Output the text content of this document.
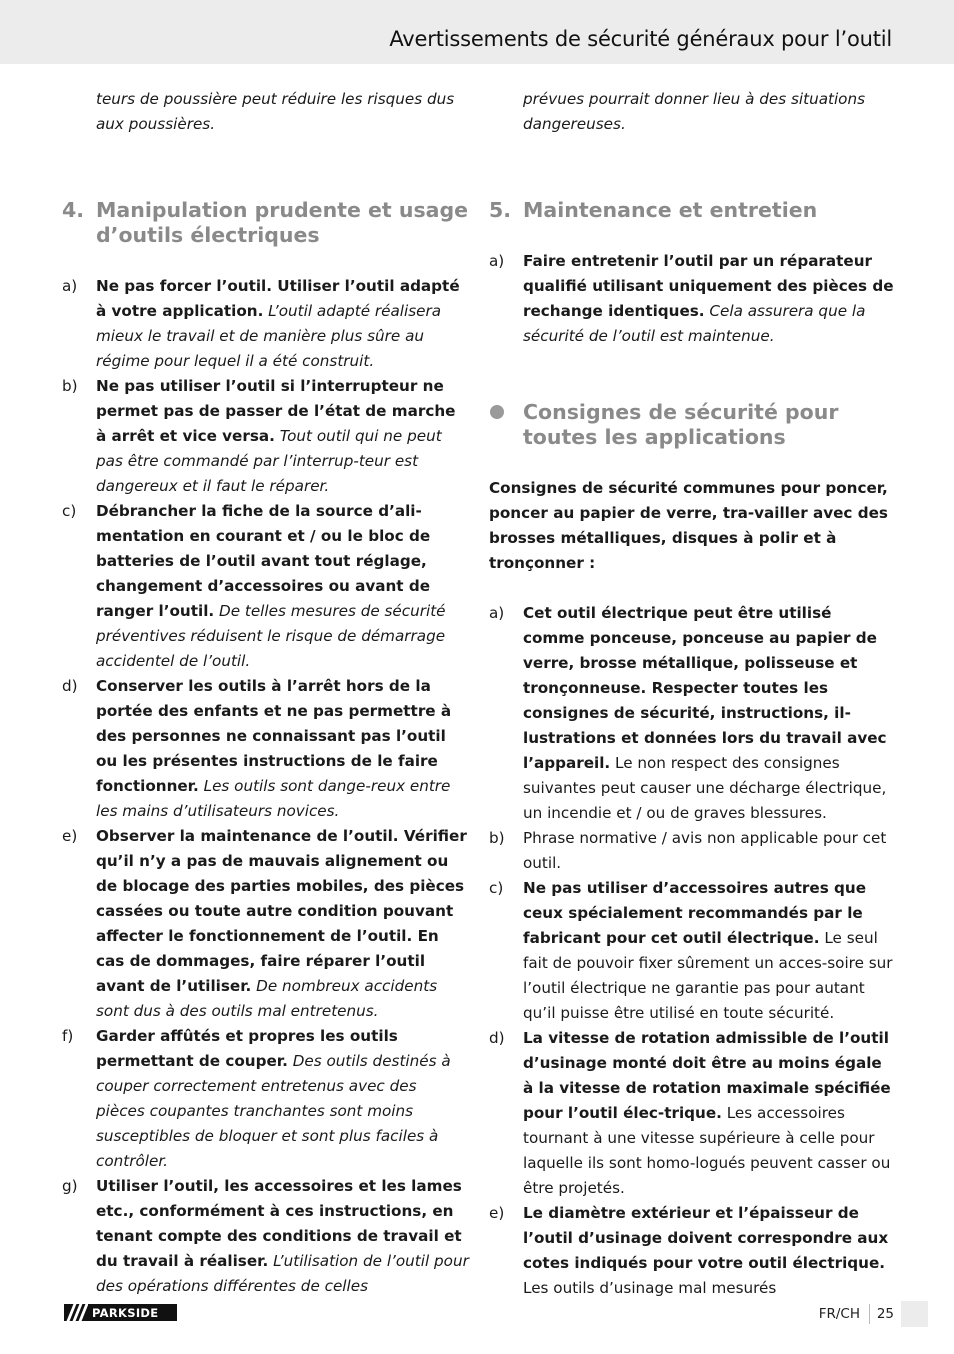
Avertissements de sécurité généraux pour l’outil

teurs de poussière peut réduire les risques dus aux poussières.

4. Manipulation prudente et usage d’outils électriques

a) Ne pas forcer l’outil. Utiliser l’outil adapté à votre application. L’outil adapté réalisera mieux le travail et de manière plus sûre au régime pour lequel il a été construit.

b) Ne pas utiliser l’outil si l’interrupteur ne permet pas de passer de l’état de marche à arrêt et vice versa. Tout outil qui ne peut pas être commandé par l’interrup-teur est dangereux et il faut le réparer.

c) Débrancher la fiche de la source d’ali-mentation en courant et / ou le bloc de batteries de l’outil avant tout réglage, changement d’accessoires ou avant de ranger l’outil. De telles mesures de sécurité préventives réduisent le risque de démarrage accidentel de l’outil.

d) Conserver les outils à l’arrêt hors de la portée des enfants et ne pas permettre à des personnes ne connaissant pas l’outil ou les présentes instructions de le faire fonctionner. Les outils sont dange-reux entre les mains d’utilisateurs novices.

e) Observer la maintenance de l’outil. Vérifier qu’il n’y a pas de mauvais alignement ou de blocage des parties mobiles, des pièces cassées ou toute autre condition pouvant affecter le fonctionnement de l’outil. En cas de dommages, faire réparer l’outil avant de l’utiliser. De nombreux accidents sont dus à des outils mal entretenus.

f) Garder affûtés et propres les outils permettant de couper. Des outils destinés à couper correctement entretenus avec des pièces coupantes tranchantes sont moins susceptibles de bloquer et sont plus faciles à contrôler.

g) Utiliser l’outil, les accessoires et les lames etc., conformément à ces instructions, en tenant compte des conditions de travail et du travail à réaliser. L’utilisation de l’outil pour des opérations différentes de celles

prévues pourrait donner lieu à des situations dangereuses.

5. Maintenance et entretien

a) Faire entretenir l’outil par un réparateur qualifié utilisant uniquement des pièces de rechange identiques. Cela assurera que la sécurité de l’outil est maintenue.

Consignes de sécurité pour toutes les applications

Consignes de sécurité communes pour poncer, poncer au papier de verre, tra-vailler avec des brosses métalliques, disques à polir et à tronçonner :

a) Cet outil électrique peut être utilisé comme ponceuse, ponceuse au papier de verre, brosse métallique, polisseuse et tronçonneuse. Respecter toutes les consignes de sécurité, instructions, il-lustrations et données lors du travail avec l’appareil. Le non respect des consignes suivantes peut causer une décharge électrique, un incendie et / ou de graves blessures.

b) Phrase normative / avis non applicable pour cet outil.

c) Ne pas utiliser d’accessoires autres que ceux spécialement recommandés par le fabricant pour cet outil électrique. Le seul fait de pouvoir fixer sûrement un acces-soire sur l’outil électrique ne garantie pas pour autant qu’il puisse être utilisé en toute sécurité.

d) La vitesse de rotation admissible de l’outil d’usinage monté doit être au moins égale à la vitesse de rotation maximale spécifiée pour l’outil élec-trique. Les accessoires tournant à une vitesse supérieure à celle pour laquelle ils sont homo-logués peuvent casser ou être projetés.

e) Le diamètre extérieur et l’épaisseur de l’outil d’usinage doivent correspondre aux cotes indiqués pour votre outil électrique. Les outils d’usinage mal mesurés

PARKSIDE	FR/CH 25
